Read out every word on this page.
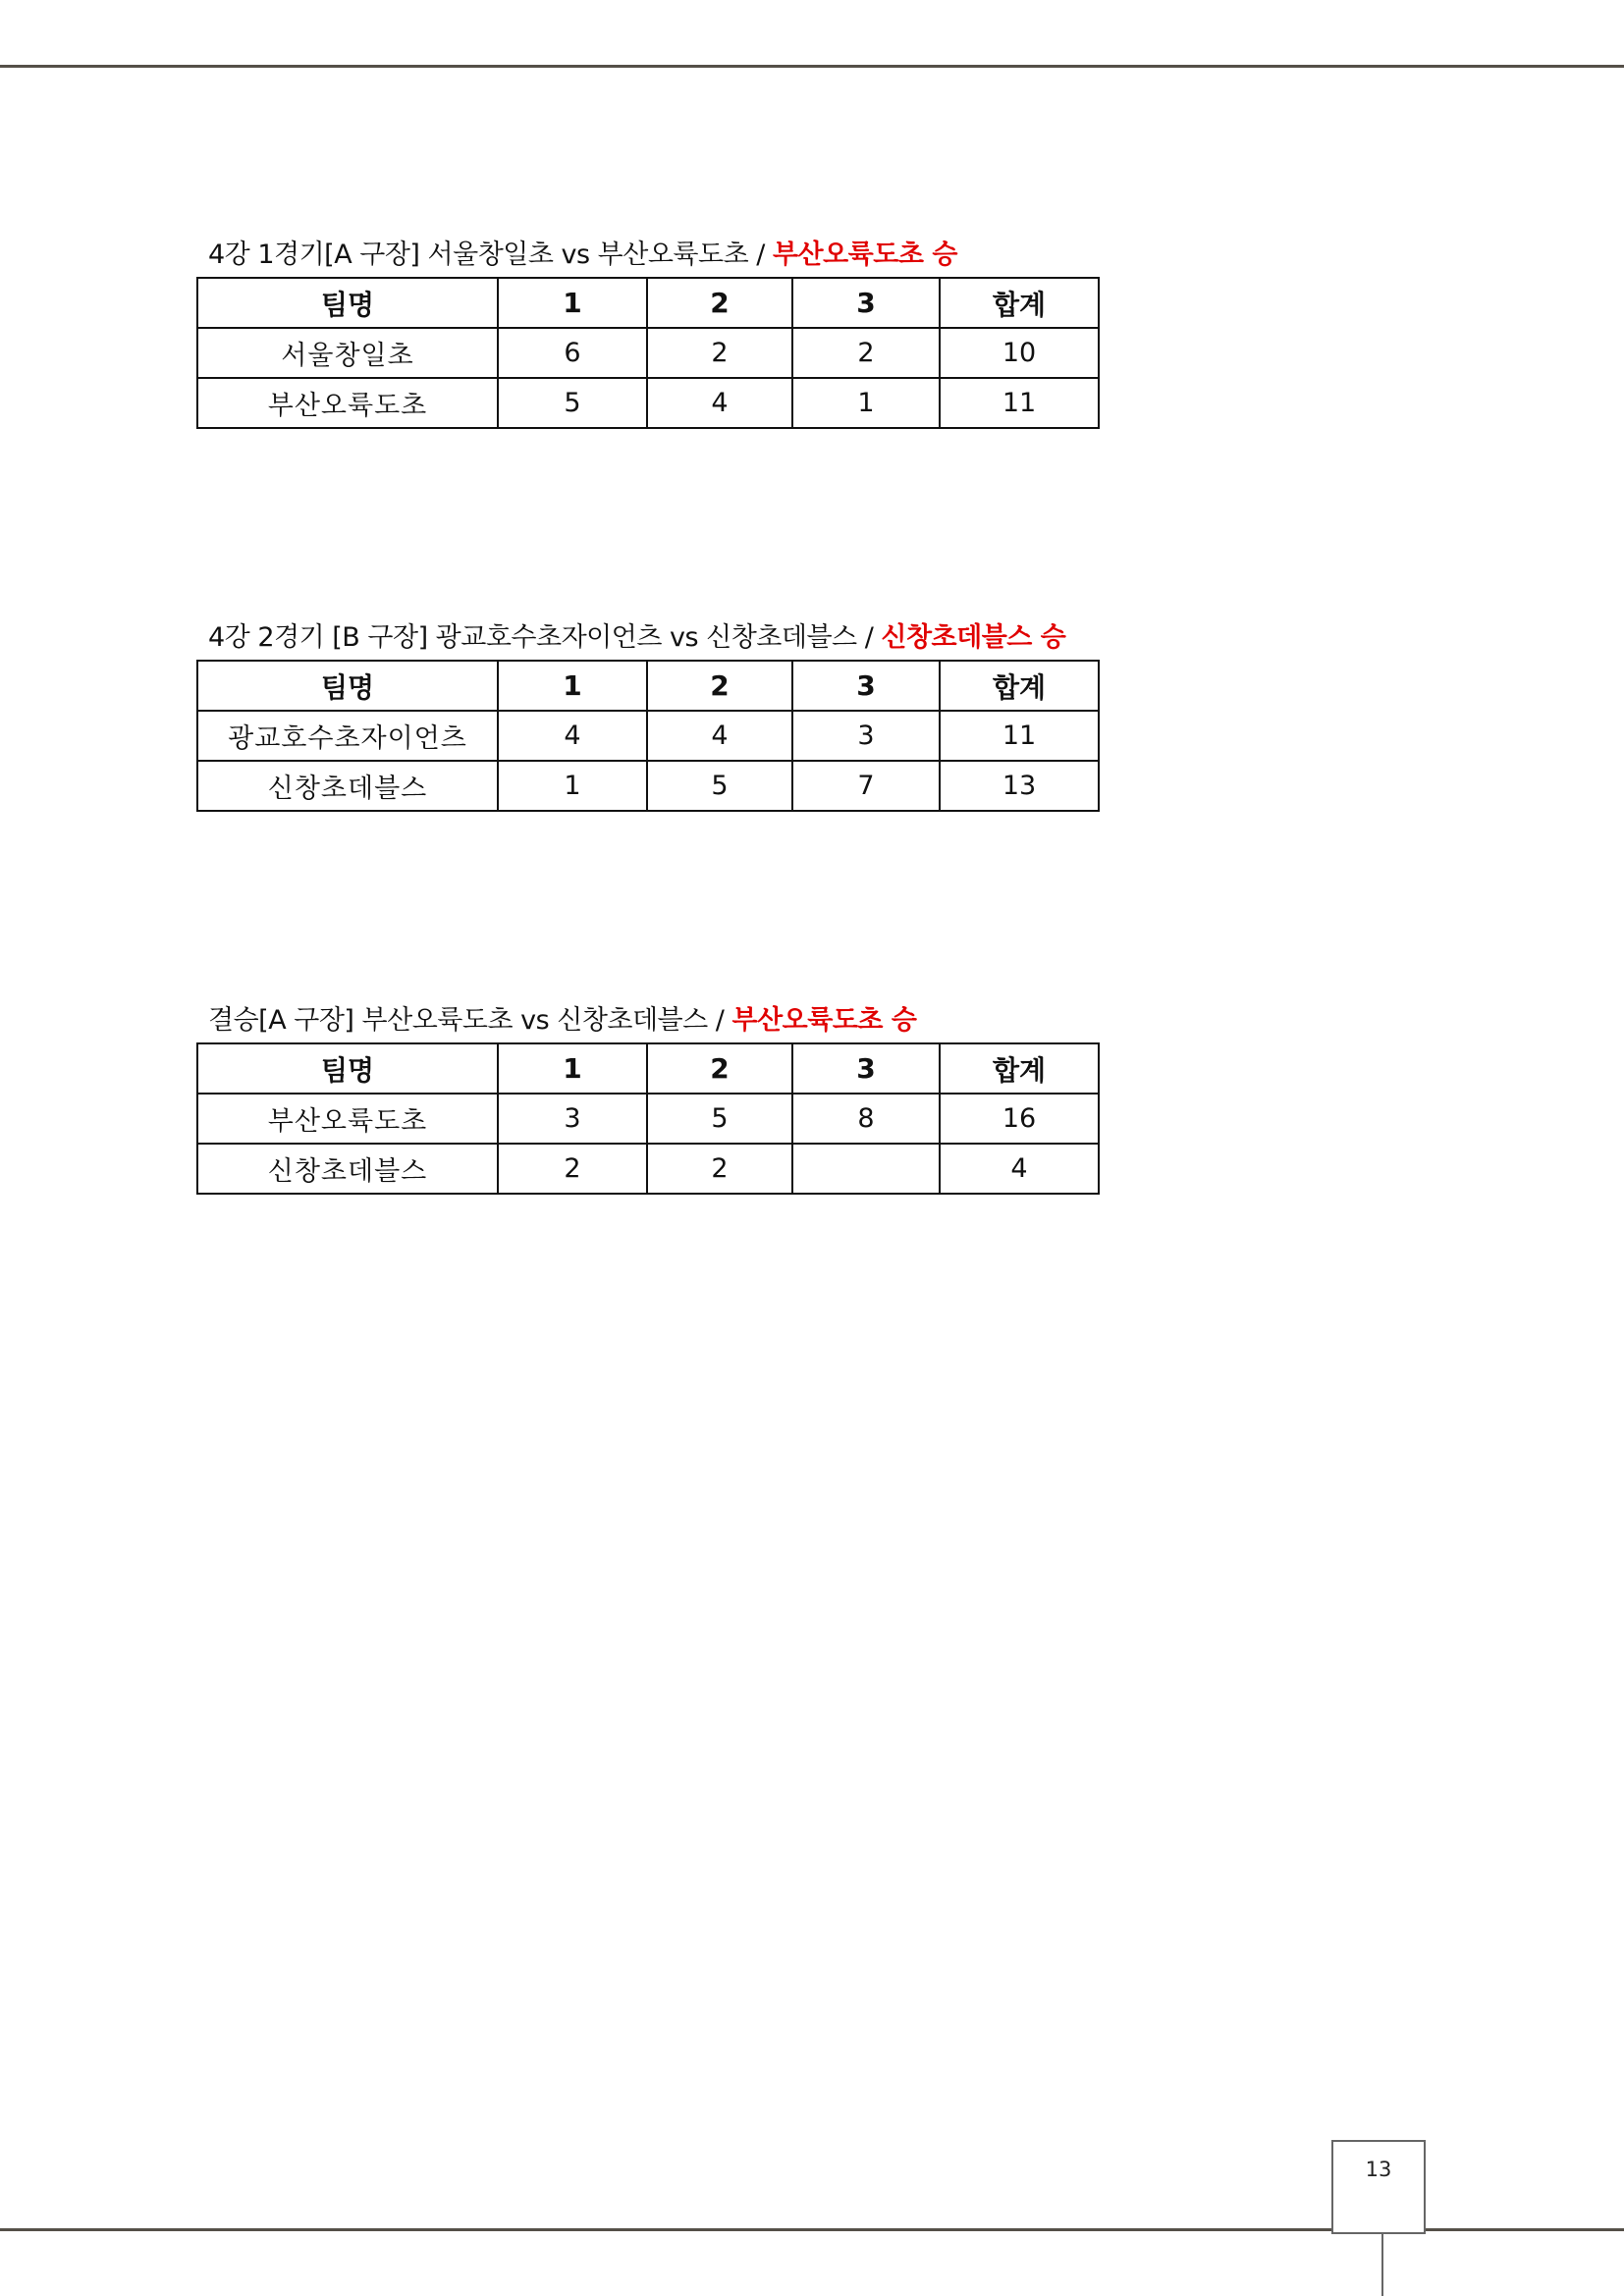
4강 1경기[A 구장] 서울창일초 vs 부산오륙도초 / 부산오륙도초 승
팀명	1	2	3	합계
서울창일초	6	2	2	10
부산오륙도초	5	4	1	11
4강 2경기 [B 구장] 광교호수초자이언츠 vs 신창초데블스 / 신창초데블스 승
팀명	1	2	3	합계
광교호수초자이언츠	4	4	3	11
신창초데블스	1	5	7	13
결승[A 구장] 부산오륙도초 vs 신창초데블스 / 부산오륙도초 승
팀명	1	2	3	합계
부산오륙도초	3	5	8	16
신창초데블스	2	2		4
13
